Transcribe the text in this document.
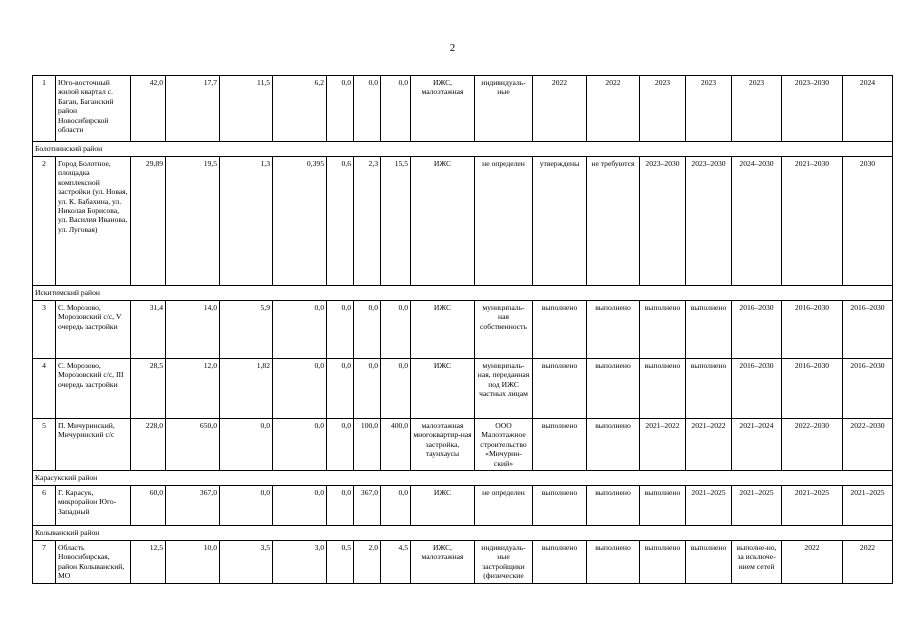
2
1	Юго-восточный жилой квартал с. Баган, Баганский район Новосибирской области	42,0	17,7	11,5	6,2	0,0	0,0	0,0	ИЖС, малоэтажная	индивидуаль-ные	2022	2022	2023	2023	2023	2023–2030	2024
Болотнинский район																	
2	Город Болотное, площадка комплексной застройки (ул. Новая, ул. К. Бабахина, ул. Николая Борисова, ул. Василия Иванова, ул. Луговая)	29,89	19,5	1,3	0,395	0,6	2,3	15,5	ИЖС	не определен	утверждены	не требуются	2023–2030	2023–2030	2024–2030	2021–2030	2030
Искитимский район																	
3	С. Морозово, Морозовский с/с, V очередь застройки	31,4	14,0	5,9	0,0	0,0	0,0	0,0	ИЖС	муниципаль-ная собственность	выполнено	выполнено	выполнено	выполнено	2016–2030	2016–2030	2016–2030
4	С. Морозово, Морозовский с/с, III очередь застройки	28,5	12,0	1,82	0,0	0,0	0,0	0,0	ИЖС	муниципаль-ная, переданная под ИЖС частных лицам	выполнено	выполнено	выполнено	выполнено	2016–2030	2016–2030	2016–2030
5	П. Мичуринский, Мичуринский с/с	228,0	650,0	0,0	0,0	0,0	100,0	400,0	малоэтажная многоквартир-ная застройка, таунхаусы	ООО Малоэтажное строительство «Мичурин-ский»	выполнено	выполнено	2021–2022	2021–2022	2021–2024	2022–2030	2022–2030
Карасукский район																	
6	Г. Карасук, микрорайон Юго-Западный	60,0	367,0	0,0	0,0	0,0	367,0	0,0	ИЖС	не определен	выполнено	выполнено	выполнено	2021–2025	2021–2025	2021–2025	2021–2025
Колыванский район																	
7	Область Новосибирская, район Колыванский, МО	12,5	10,0	3,5	3,0	0,5	2,0	4,5	ИЖС, малоэтажная	индивидуаль-ные застройщики (физические	выполнено	выполнено	выполнено	выполнено	выполне-но, за исключе-нием сетей	2022	2022
